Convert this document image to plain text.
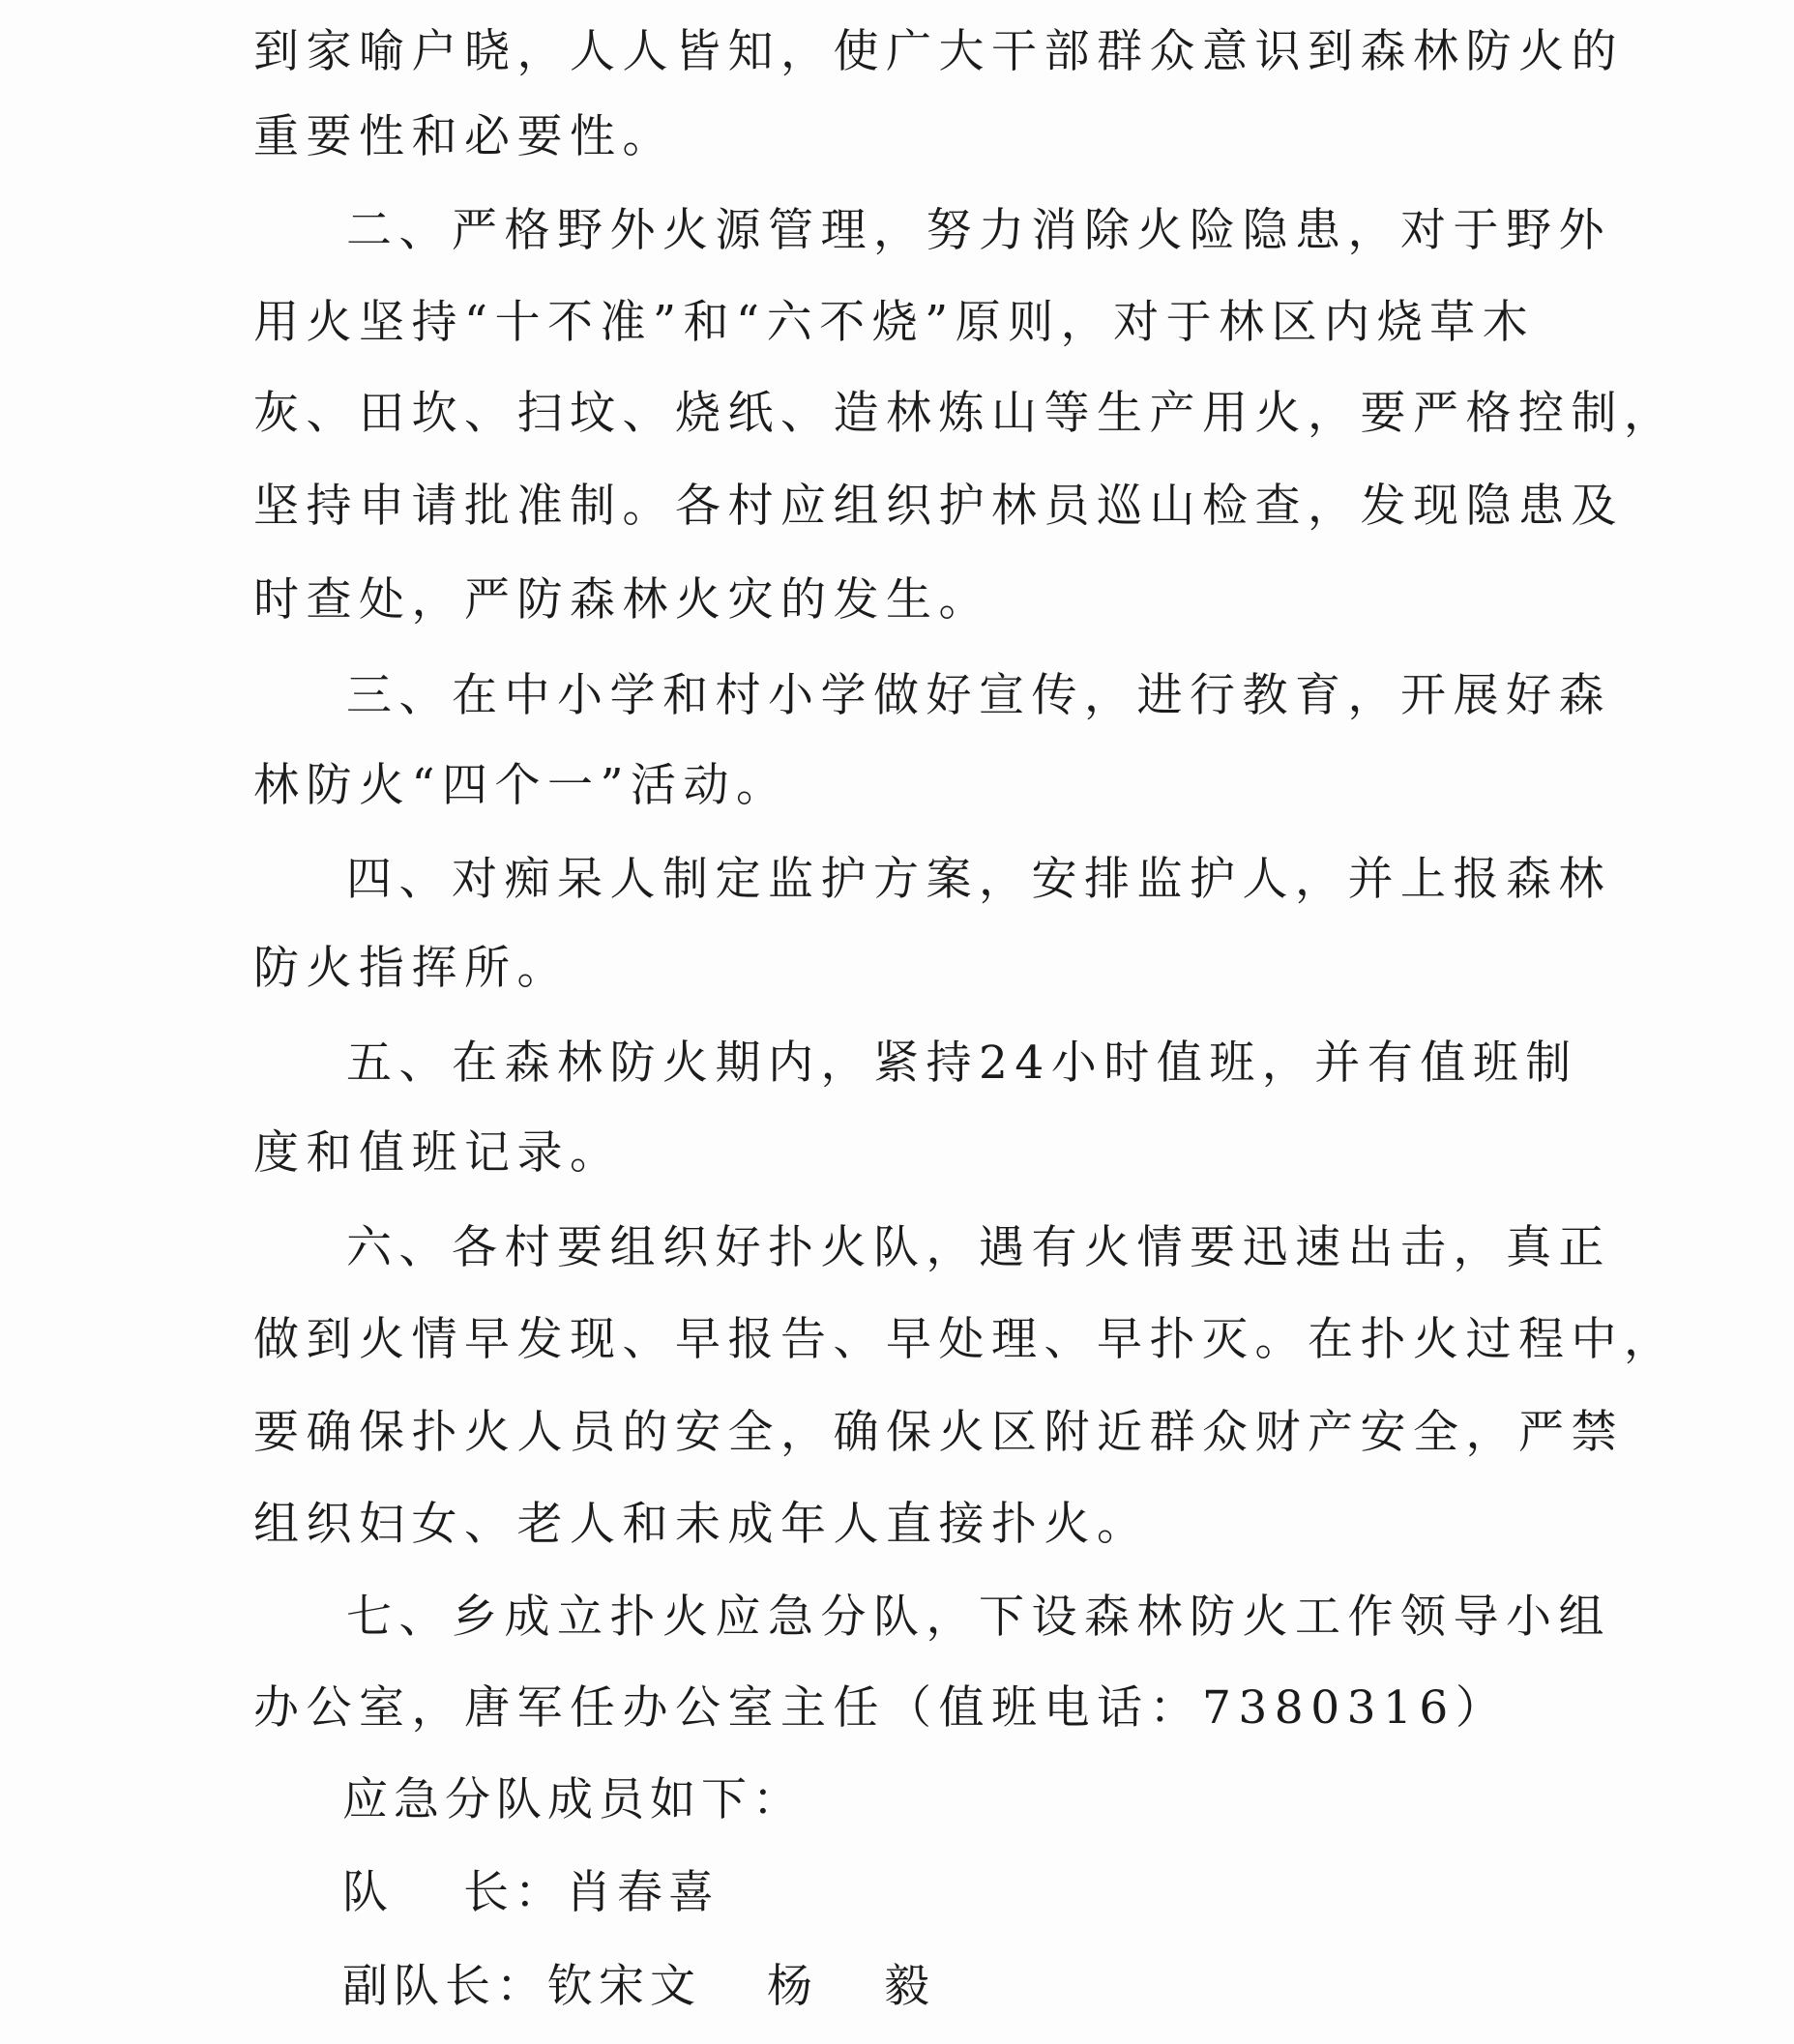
到家喻户晓，人人皆知，使广大干部群众意识到森林防火的
重要性和必要性。
二、严格野外火源管理，努力消除火险隐患，对于野外
用火坚持“十不准”和“六不烧”原则，对于林区内烧草木
灰、田坎、扫坟、烧纸、造林炼山等生产用火，要严格控制，
坚持申请批准制。各村应组织护林员巡山检查，发现隐患及
时查处，严防森林火灾的发生。
三、在中小学和村小学做好宣传，进行教育，开展好森
林防火“四个一”活动。
四、对痴呆人制定监护方案，安排监护人，并上报森林
防火指挥所。
五、在森林防火期内，紧持24小时值班，并有值班制
度和值班记录。
六、各村要组织好扑火队，遇有火情要迅速出击，真正
做到火情早发现、早报告、早处理、早扑灭。在扑火过程中，
要确保扑火人员的安全，确保火区附近群众财产安全，严禁
组织妇女、老人和未成年人直接扑火。
七、乡成立扑火应急分队，下设森林防火工作领导小组
办公室，唐军任办公室主任（值班电话：7380316）
应急分队成员如下：
队 长：肖春喜
副队长：钦宋文 杨 毅
